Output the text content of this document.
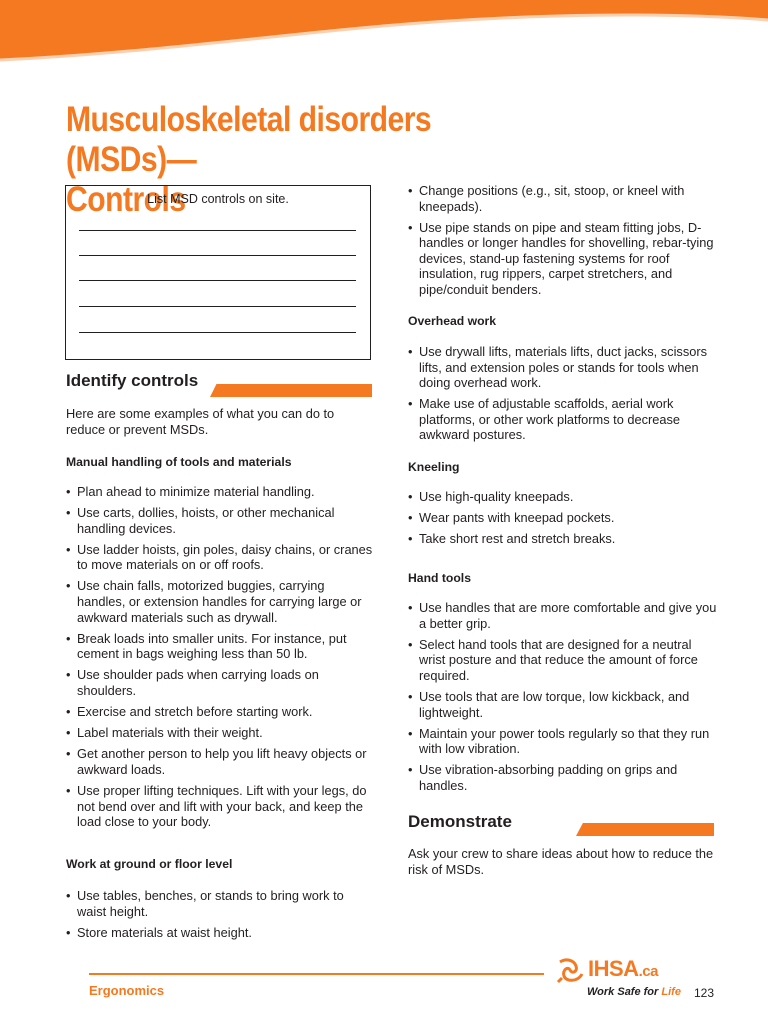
Musculoskeletal disorders (MSDs)—
Controls
List MSD controls on site.
Identify controls
Here are some examples of what you can do to reduce or prevent MSDs.
Manual handling of tools and materials
• Plan ahead to minimize material handling.
• Use carts, dollies, hoists, or other mechanical handling devices.
• Use ladder hoists, gin poles, daisy chains, or cranes to move materials on or off roofs.
• Use chain falls, motorized buggies, carrying handles, or extension handles for carrying large or awkward materials such as drywall.
• Break loads into smaller units. For instance, put cement in bags weighing less than 50 lb.
• Use shoulder pads when carrying loads on shoulders.
• Exercise and stretch before starting work.
• Label materials with their weight.
• Get another person to help you lift heavy objects or awkward loads.
• Use proper lifting techniques. Lift with your legs, do not bend over and lift with your back, and keep the load close to your body.
Work at ground or floor level
• Use tables, benches, or stands to bring work to waist height.
• Store materials at waist height.
• Change positions (e.g., sit, stoop, or kneel with kneepads).
• Use pipe stands on pipe and steam fitting jobs, D-handles or longer handles for shovelling, rebar-tying devices, stand-up fastening systems for roof insulation, rug rippers, carpet stretchers, and pipe/conduit benders.
Overhead work
• Use drywall lifts, materials lifts, duct jacks, scissors lifts, and extension poles or stands for tools when doing overhead work.
• Make use of adjustable scaffolds, aerial work platforms, or other work platforms to decrease awkward postures.
Kneeling
• Use high-quality kneepads.
• Wear pants with kneepad pockets.
• Take short rest and stretch breaks.
Hand tools
• Use handles that are more comfortable and give you a better grip.
• Select hand tools that are designed for a neutral wrist posture and that reduce the amount of force required.
• Use tools that are low torque, low kickback, and lightweight.
• Maintain your power tools regularly so that they run with low vibration.
• Use vibration-absorbing padding on grips and handles.
Demonstrate
Ask your crew to share ideas about how to reduce the risk of MSDs.
Ergonomics
IHSA.ca
Work Safe for Life 123
